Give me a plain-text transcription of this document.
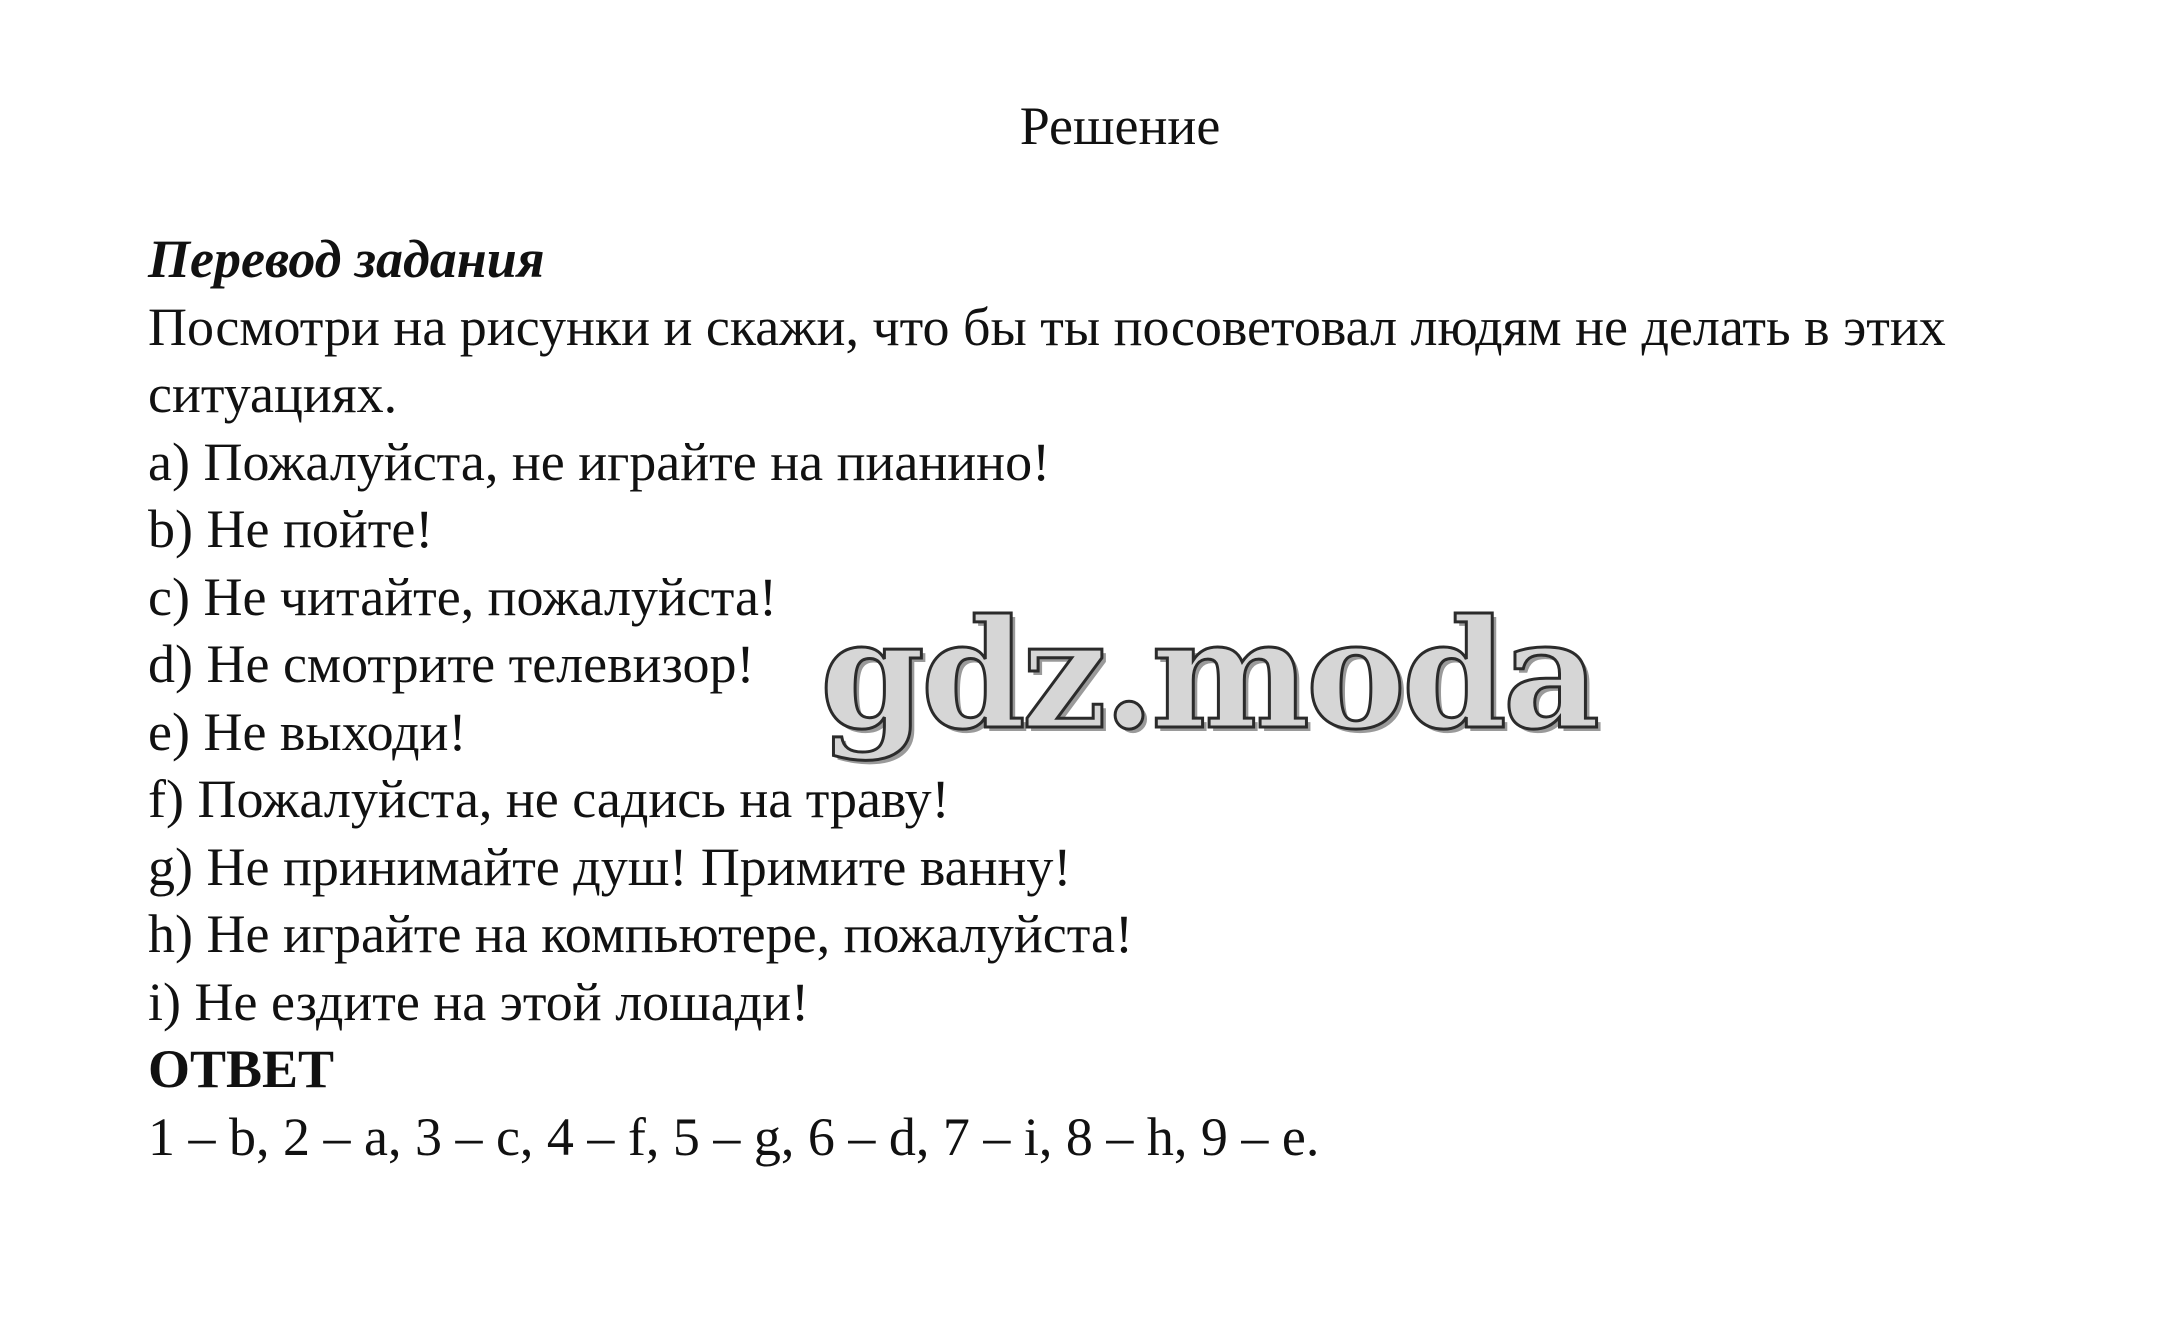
Решение
Перевод задания
Посмотри на рисунки и скажи, что бы ты посоветовал людям не делать в этих ситуациях.
a) Пожалуйста, не играйте на пианино!
b) Не пойте!
c) Не читайте, пожалуйста!
d) Не смотрите телевизор!
e) Не выходи!
f) Пожалуйста, не садись на траву!
g) Не принимайте душ! Примите ванну!
h) Не играйте на компьютере, пожалуйста!
i) Не ездите на этой лошади!
ОТВЕТ
1 – b, 2 – a, 3 – c, 4 – f, 5 – g, 6 – d, 7 – i, 8 – h, 9 – e.
gdz.moda
